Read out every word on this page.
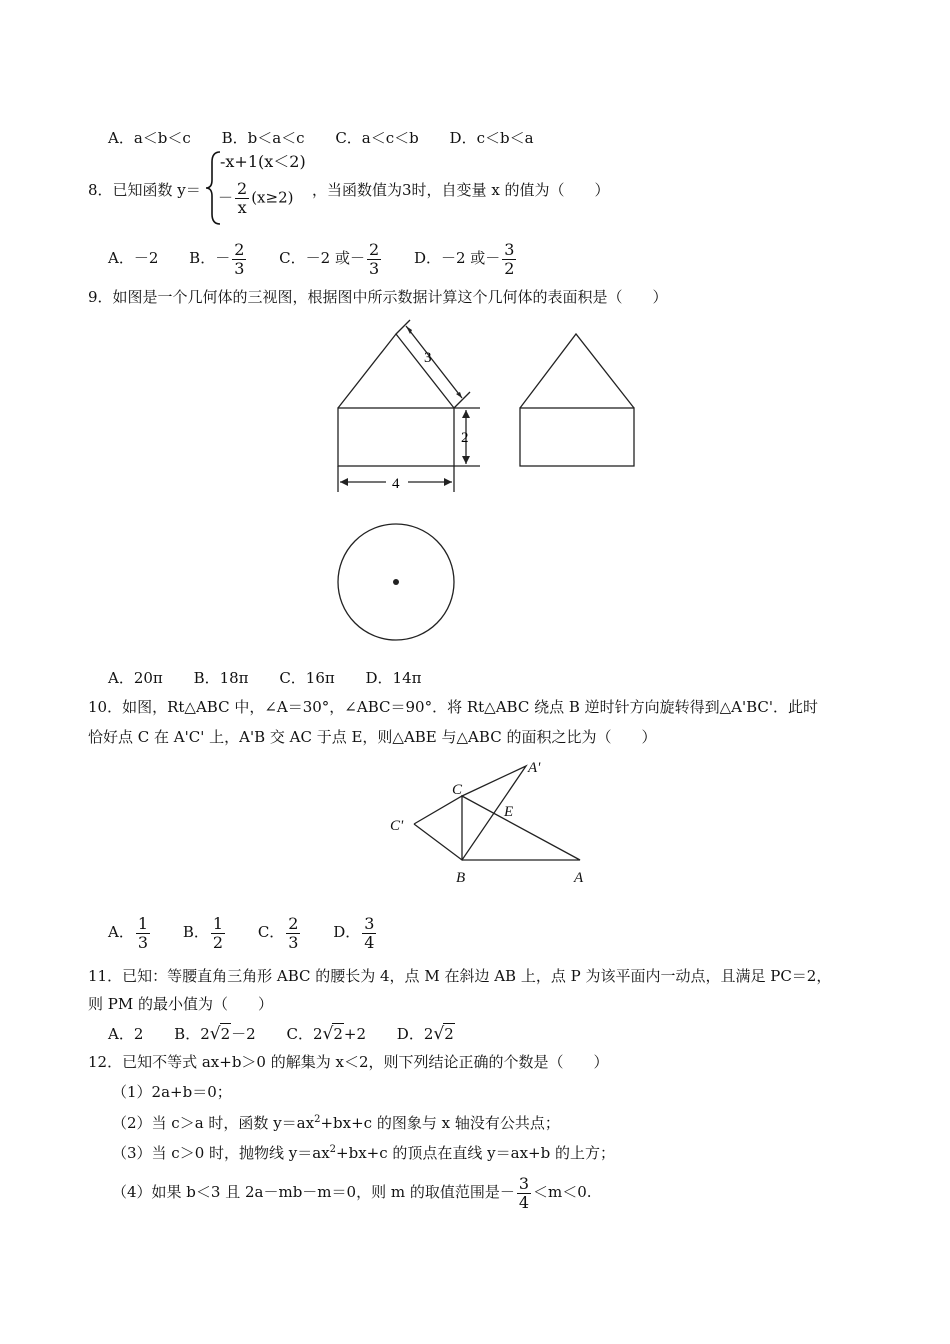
A．a＜b＜c B．b＜a＜c C．a＜c＜b D．c＜b＜a
8．已知函数 y＝
-x+1(x＜2)
－ $\frac{2}{x} (x\ge 2)$ ，当函数值为3时，自变量 x 的值为（　　）
A．－2 B．－ $\frac{2}{3}$ C．－2 或－ $\frac{2}{3}$ D．－2 或－ $\frac{3}{2}$
9．如图是一个几何体的三视图，根据图中所示数据计算这个几何体的表面积是（　　）
3
2
4
A．20π B．18π C．16π D．14π
10．如图，Rt△ABC 中，∠A＝30°，∠ABC＝90°．将 Rt△ABC 绕点 B 逆时针方向旋转得到△A'BC'．此时
恰好点 C 在 A'C' 上，A'B 交 AC 于点 E，则△ABE 与△ABC 的面积之比为（　　）
A'
C
E
C'
B	A
A． $\frac{1}{3}$ B． $\frac{1}{2}$ C． $\frac{2}{3}$ D． $\frac{3}{4}$
11．已知：等腰直角三角形 ABC 的腰长为 4，点 M 在斜边 AB 上，点 P 为该平面内一动点，且满足 PC＝2，
则 PM 的最小值为（　　）
A．2 B．2√2－2 C．2√2+2 D．2√2
12．已知不等式 ax+b＞0 的解集为 x＜2，则下列结论正确的个数是（　　）
（1）2a+b＝0；
（2）当 c＞a 时，函数 $y=ax^2+bx+c$ 的图象与 x 轴没有公共点；
（3）当 c＞0 时，抛物线 $y=ax^2+bx+c$ 的顶点在直线 y＝ax+b 的上方；
（4）如果 b＜3 且 2a－mb－m＝0，则 m 的取值范围是－ $\frac{3}{4} <m<0$.
